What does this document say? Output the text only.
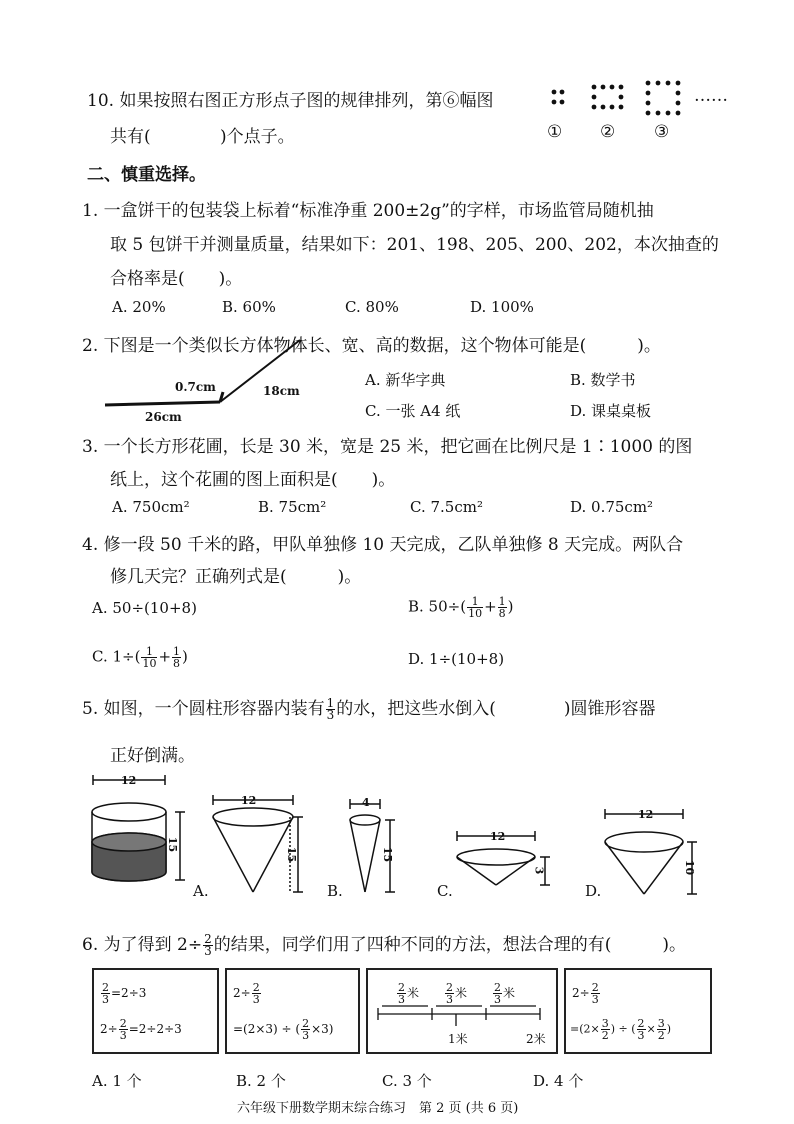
10. 如果按照右图正方形点子图的规律排列，第⑥幅图
共有(	)个点子。
……
① ② ③
二、慎重选择。
1. 一盒饼干的包装袋上标着“标准净重 200±2g”的字样，市场监管局随机抽
取 5 包饼干并测量质量，结果如下：201、198、205、200、202，本次抽查的
合格率是(　　)。
A. 20%	B. 60%	C. 80%	D. 100%
2. 下图是一个类似长方体物体长、宽、高的数据，这个物体可能是(　　　)。
0.7cm	18cm
26cm
A. 新华字典	B. 数学书
C. 一张 A4 纸	D. 课桌桌板
3. 一个长方形花圃，长是 30 米，宽是 25 米，把它画在比例尺是 1∶1000 的图
纸上，这个花圃的图上面积是(　　)。
A. 750cm²	B. 75cm²	C. 7.5cm²	D. 0.75cm²
4. 修一段 50 千米的路，甲队单独修 10 天完成，乙队单独修 8 天完成。两队合
修几天完？正确列式是(　　　)。
A. 50÷(10+8)	B. $50\div( \frac{1}{10} + \frac{1}{8}$ )
C. $1\div( \frac{1}{10} + \frac{1}{8}$ )	D. 1÷(10+8)
5. 如图，一个圆柱形容器内装有 $\frac{1}{3}$ 的水，把这些水倒入(　　　　)圆锥形容器
正好倒满。
12
15
A.
12
15
B.
4
15
C.
12
3
D.
12
10
6. 为了得到 $2\div \frac{2}{3}$ 的结果，同学们用了四种不同的方法，想法合理的有(　　　)。
$\frac{2}{3} =2\div 3$
$2\div \frac{2}{3} =2\div 2\div 3$
$2\div \frac{2}{3}$
=(2×3) ÷ ( $\frac{2}{3} \times 3$)
$\frac{2}{3}$ 米 $\frac{2}{3}$ 米 $\frac{2}{3}$ 米
1米	2米
$2\div \frac{2}{3}$
$=(2\times \frac{3}{2}$ ) ÷ ( $\frac{2}{3} \times \frac{3}{2}$ )
A. 1 个	B. 2 个	C. 3 个	D. 4 个
六年级下册数学期末综合练习　第 2 页 (共 6 页)
